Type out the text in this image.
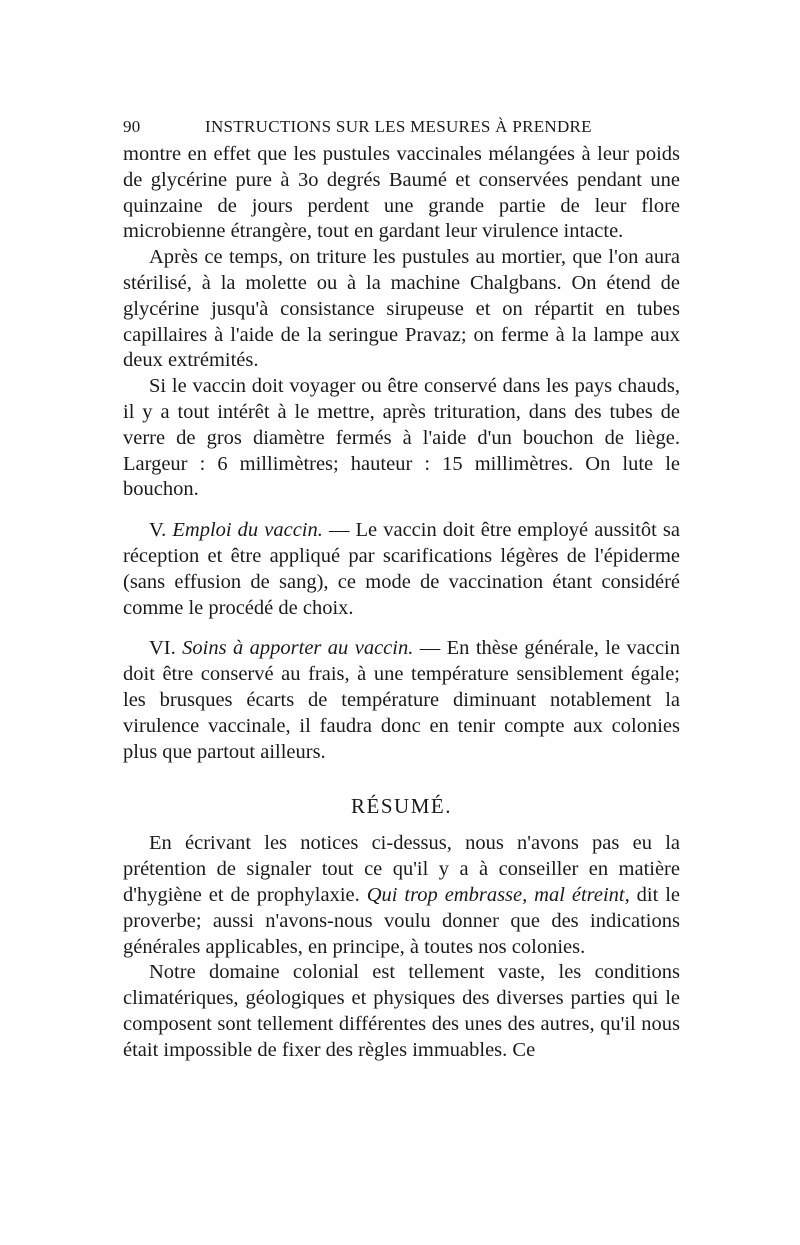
90	INSTRUCTIONS SUR LES MESURES À PRENDRE

montre en effet que les pustules vaccinales mélangées à leur poids de glycérine pure à 3o degrés Baumé et conservées pendant une quinzaine de jours perdent une grande partie de leur flore microbienne étrangère, tout en gardant leur virulence intacte.

Après ce temps, on triture les pustules au mortier, que l'on aura stérilisé, à la molette ou à la machine Chalgbans. On étend de glycérine jusqu'à consistance sirupeuse et on répartit en tubes capillaires à l'aide de la seringue Pravaz; on ferme à la lampe aux deux extrémités.

Si le vaccin doit voyager ou être conservé dans les pays chauds, il y a tout intérêt à le mettre, après trituration, dans des tubes de verre de gros diamètre fermés à l'aide d'un bouchon de liège. Largeur : 6 millimètres; hauteur : 15 millimètres. On lute le bouchon.

V. Emploi du vaccin. — Le vaccin doit être employé aussitôt sa réception et être appliqué par scarifications légères de l'épiderme (sans effusion de sang), ce mode de vaccination étant considéré comme le procédé de choix.

VI. Soins à apporter au vaccin. — En thèse générale, le vaccin doit être conservé au frais, à une température sensiblement égale; les brusques écarts de température diminuant notablement la virulence vaccinale, il faudra donc en tenir compte aux colonies plus que partout ailleurs.

RÉSUMÉ.

En écrivant les notices ci-dessus, nous n'avons pas eu la prétention de signaler tout ce qu'il y a à conseiller en matière d'hygiène et de prophylaxie. Qui trop embrasse, mal étreint, dit le proverbe; aussi n'avons-nous voulu donner que des indications générales applicables, en principe, à toutes nos colonies.

Notre domaine colonial est tellement vaste, les conditions climatériques, géologiques et physiques des diverses parties qui le composent sont tellement différentes des unes des autres, qu'il nous était impossible de fixer des règles immuables. Ce
